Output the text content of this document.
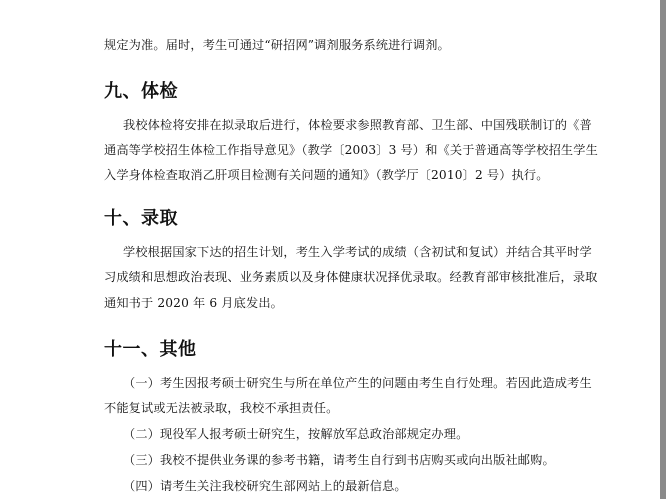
规定为准。届时，考生可通过“研招网”调剂服务系统进行调剂。
九、体检
我校体检将安排在拟录取后进行，体检要求参照教育部、卫生部、中国残联制订的《普
通高等学校招生体检工作指导意见》（教学〔2003〕3 号）和《关于普通高等学校招生学生
入学身体检查取消乙肝项目检测有关问题的通知》（教学厅〔2010〕2 号）执行。
十、录取
学校根据国家下达的招生计划，考生入学考试的成绩（含初试和复试）并结合其平时学
习成绩和思想政治表现、业务素质以及身体健康状况择优录取。经教育部审核批准后，录取
通知书于 2020 年 6 月底发出。
十一、其他
（一）考生因报考硕士研究生与所在单位产生的问题由考生自行处理。若因此造成考生
不能复试或无法被录取，我校不承担责任。
（二）现役军人报考硕士研究生，按解放军总政治部规定办理。
（三）我校不提供业务课的参考书籍，请考生自行到书店购买或向出版社邮购。
（四）请考生关注我校研究生部网站上的最新信息。
